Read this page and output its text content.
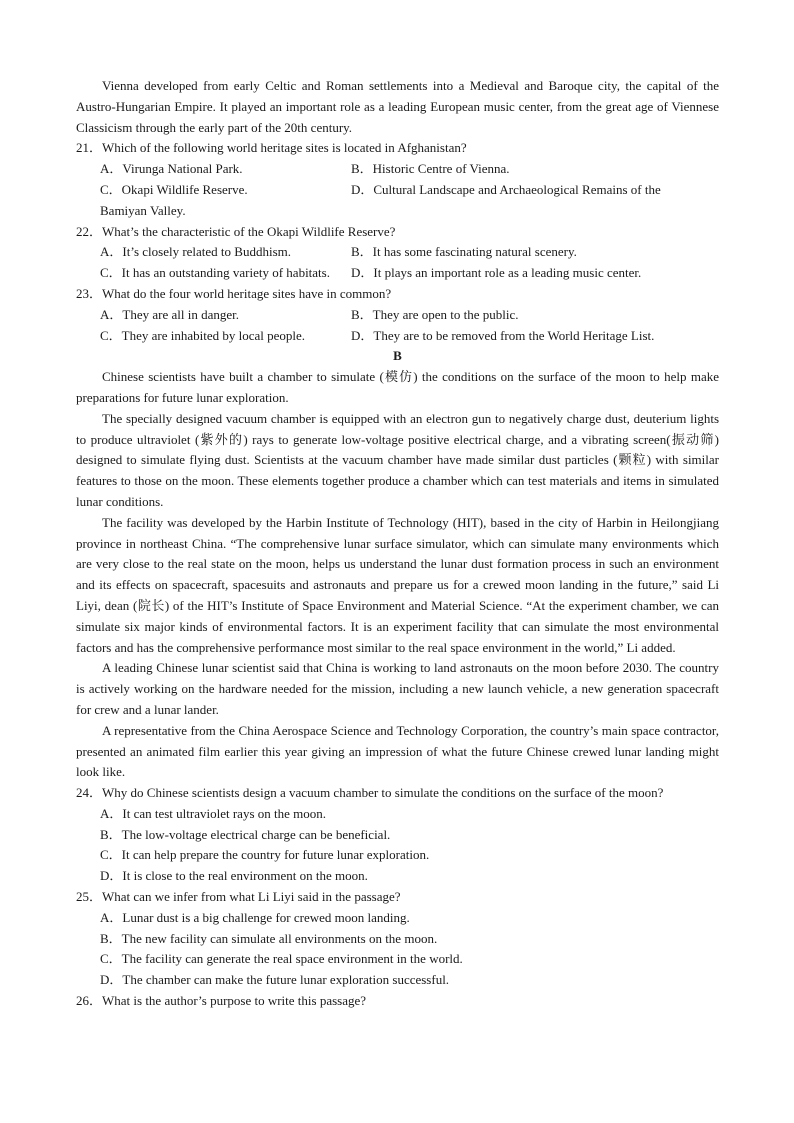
Vienna developed from early Celtic and Roman settlements into a Medieval and Baroque city, the capital of the Austro-Hungarian Empire. It played an important role as a leading European music center, from the great age of Viennese Classicism through the early part of the 20th century.

21．Which of the following world heritage sites is located in Afghanistan?

A．Virunga National Park.	B．Historic Centre of Vienna.
C．Okapi Wildlife Reserve.	D．Cultural Landscape and Archaeological Remains of the
Bamiyan Valley.

22．What’s the characteristic of the Okapi Wildlife Reserve?

A．It’s closely related to Buddhism.	B．It has some fascinating natural scenery.
C．It has an outstanding variety of habitats.	D．It plays an important role as a leading music center.

23．What do the four world heritage sites have in common?

A．They are all in danger.	B．They are open to the public.
C．They are inhabited by local people.	D．They are to be removed from the World Heritage List.

B

Chinese scientists have built a chamber to simulate (模仿) the conditions on the surface of the moon to help make preparations for future lunar exploration.

The specially designed vacuum chamber is equipped with an electron gun to negatively charge dust, deuterium lights to produce ultraviolet (紫外的) rays to generate low-voltage positive electrical charge, and a vibrating screen(振动筛) designed to simulate flying dust. Scientists at the vacuum chamber have made similar dust particles (颗粒) with similar features to those on the moon. These elements together produce a chamber which can test materials and items in simulated lunar conditions.

The facility was developed by the Harbin Institute of Technology (HIT), based in the city of Harbin in Heilongjiang province in northeast China. “The comprehensive lunar surface simulator, which can simulate many environments which are very close to the real state on the moon, helps us understand the lunar dust formation process in such an environment and its effects on spacecraft, spacesuits and astronauts and prepare us for a crewed moon landing in the future,” said Li Liyi, dean (院长) of the HIT’s Institute of Space Environment and Material Science. “At the experiment chamber, we can simulate six major kinds of environmental factors. It is an experiment facility that can simulate the most environmental factors and has the comprehensive performance most similar to the real space environment in the world,” Li added.

A leading Chinese lunar scientist said that China is working to land astronauts on the moon before 2030. The country is actively working on the hardware needed for the mission, including a new launch vehicle, a new generation spacecraft for crew and a lunar lander.

A representative from the China Aerospace Science and Technology Corporation, the country’s main space contractor, presented an animated film earlier this year giving an impression of what the future Chinese crewed lunar landing might look like.

24．Why do Chinese scientists design a vacuum chamber to simulate the conditions on the surface of the moon?

A．It can test ultraviolet rays on the moon.
B．The low-voltage electrical charge can be beneficial.
C．It can help prepare the country for future lunar exploration.
D．It is close to the real environment on the moon.

25．What can we infer from what Li Liyi said in the passage?

A．Lunar dust is a big challenge for crewed moon landing.
B．The new facility can simulate all environments on the moon.
C．The facility can generate the real space environment in the world.
D．The chamber can make the future lunar exploration successful.

26．What is the author’s purpose to write this passage?
